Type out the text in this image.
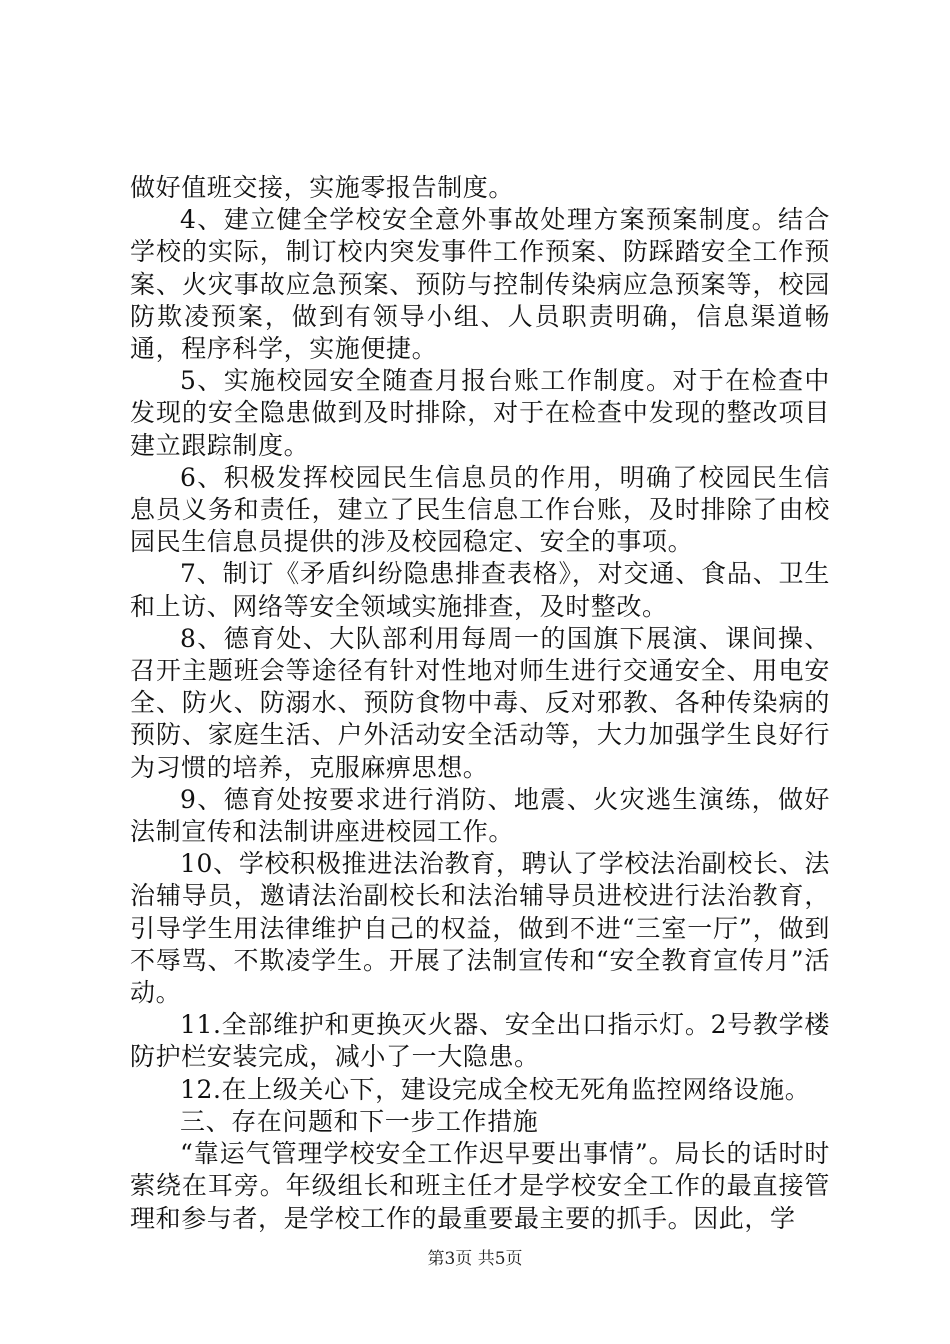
做好值班交接，实施零报告制度。

4、建立健全学校安全意外事故处理方案预案制度。结合学校的实际，制订校内突发事件工作预案、防踩踏安全工作预案、火灾事故应急预案、预防与控制传染病应急预案等，校园防欺凌预案，做到有领导小组、人员职责明确，信息渠道畅通，程序科学，实施便捷。

5、实施校园安全随查月报台账工作制度。对于在检查中发现的安全隐患做到及时排除，对于在检查中发现的整改项目建立跟踪制度。

6、积极发挥校园民生信息员的作用，明确了校园民生信息员义务和责任，建立了民生信息工作台账，及时排除了由校园民生信息员提供的涉及校园稳定、安全的事项。

7、制订《矛盾纠纷隐患排查表格》，对交通、食品、卫生和上访、网络等安全领域实施排查，及时整改。

8、德育处、大队部利用每周一的国旗下展演、课间操、召开主题班会等途径有针对性地对师生进行交通安全、用电安全、防火、防溺水、预防食物中毒、反对邪教、各种传染病的预防、家庭生活、户外活动安全活动等，大力加强学生良好行为习惯的培养，克服麻痹思想。

9、德育处按要求进行消防、地震、火灾逃生演练，做好法制宣传和法制讲座进校园工作。

10、学校积极推进法治教育，聘认了学校法治副校长、法治辅导员，邀请法治副校长和法治辅导员进校进行法治教育，引导学生用法律维护自己的权益，做到不进“三室一厅”，做到不辱骂、不欺凌学生。开展了法制宣传和“安全教育宣传月”活动。

11.全部维护和更换灭火器、安全出口指示灯。2号教学楼防护栏安装完成，减小了一大隐患。

12.在上级关心下，建设完成全校无死角监控网络设施。

三、存在问题和下一步工作措施

“靠运气管理学校安全工作迟早要出事情”。局长的话时时萦绕在耳旁。年级组长和班主任才是学校安全工作的最直接管理和参与者，是学校工作的最重要最主要的抓手。因此，学

第3页 共5页
